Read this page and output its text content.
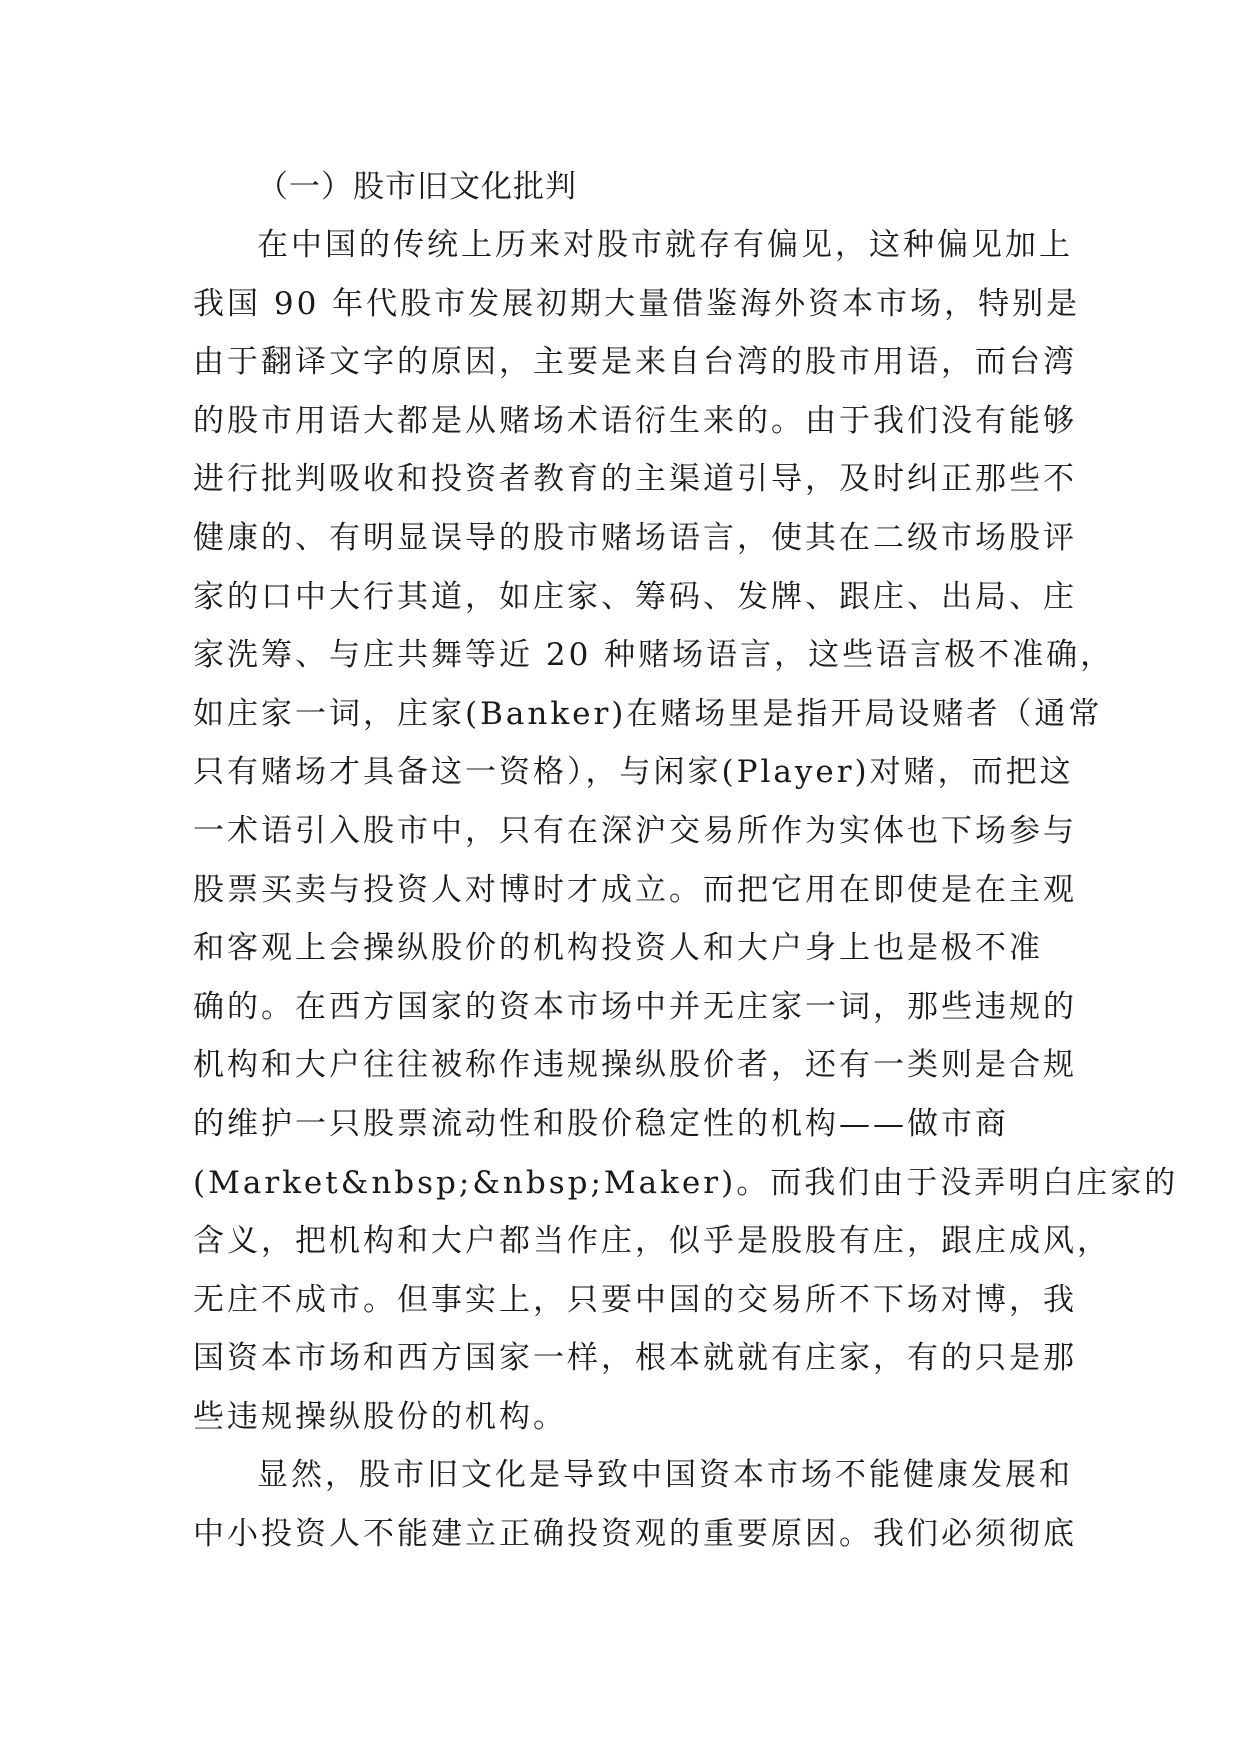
（一）股市旧文化批判

在中国的传统上历来对股市就存有偏见，这种偏见加上

我国 90 年代股市发展初期大量借鉴海外资本市场，特别是

由于翻译文字的原因，主要是来自台湾的股市用语，而台湾

的股市用语大都是从赌场术语衍生来的。由于我们没有能够

进行批判吸收和投资者教育的主渠道引导，及时纠正那些不

健康的、有明显误导的股市赌场语言，使其在二级市场股评

家的口中大行其道，如庄家、筹码、发牌、跟庄、出局、庄

家洗筹、与庄共舞等近 20 种赌场语言，这些语言极不准确，

如庄家一词，庄家(Banker)在赌场里是指开局设赌者（通常

只有赌场才具备这一资格），与闲家(Player)对赌，而把这

一术语引入股市中，只有在深沪交易所作为实体也下场参与

股票买卖与投资人对博时才成立。而把它用在即使是在主观

和客观上会操纵股价的机构投资人和大户身上也是极不准

确的。在西方国家的资本市场中并无庄家一词，那些违规的

机构和大户往往被称作违规操纵股价者，还有一类则是合规

的维护一只股票流动性和股价稳定性的机构——做市商

(Market&nbsp;&nbsp;Maker)。而我们由于没弄明白庄家的

含义，把机构和大户都当作庄，似乎是股股有庄，跟庄成风，

无庄不成市。但事实上，只要中国的交易所不下场对博，我

国资本市场和西方国家一样，根本就就有庄家，有的只是那

些违规操纵股份的机构。

显然，股市旧文化是导致中国资本市场不能健康发展和

中小投资人不能建立正确投资观的重要原因。我们必须彻底
